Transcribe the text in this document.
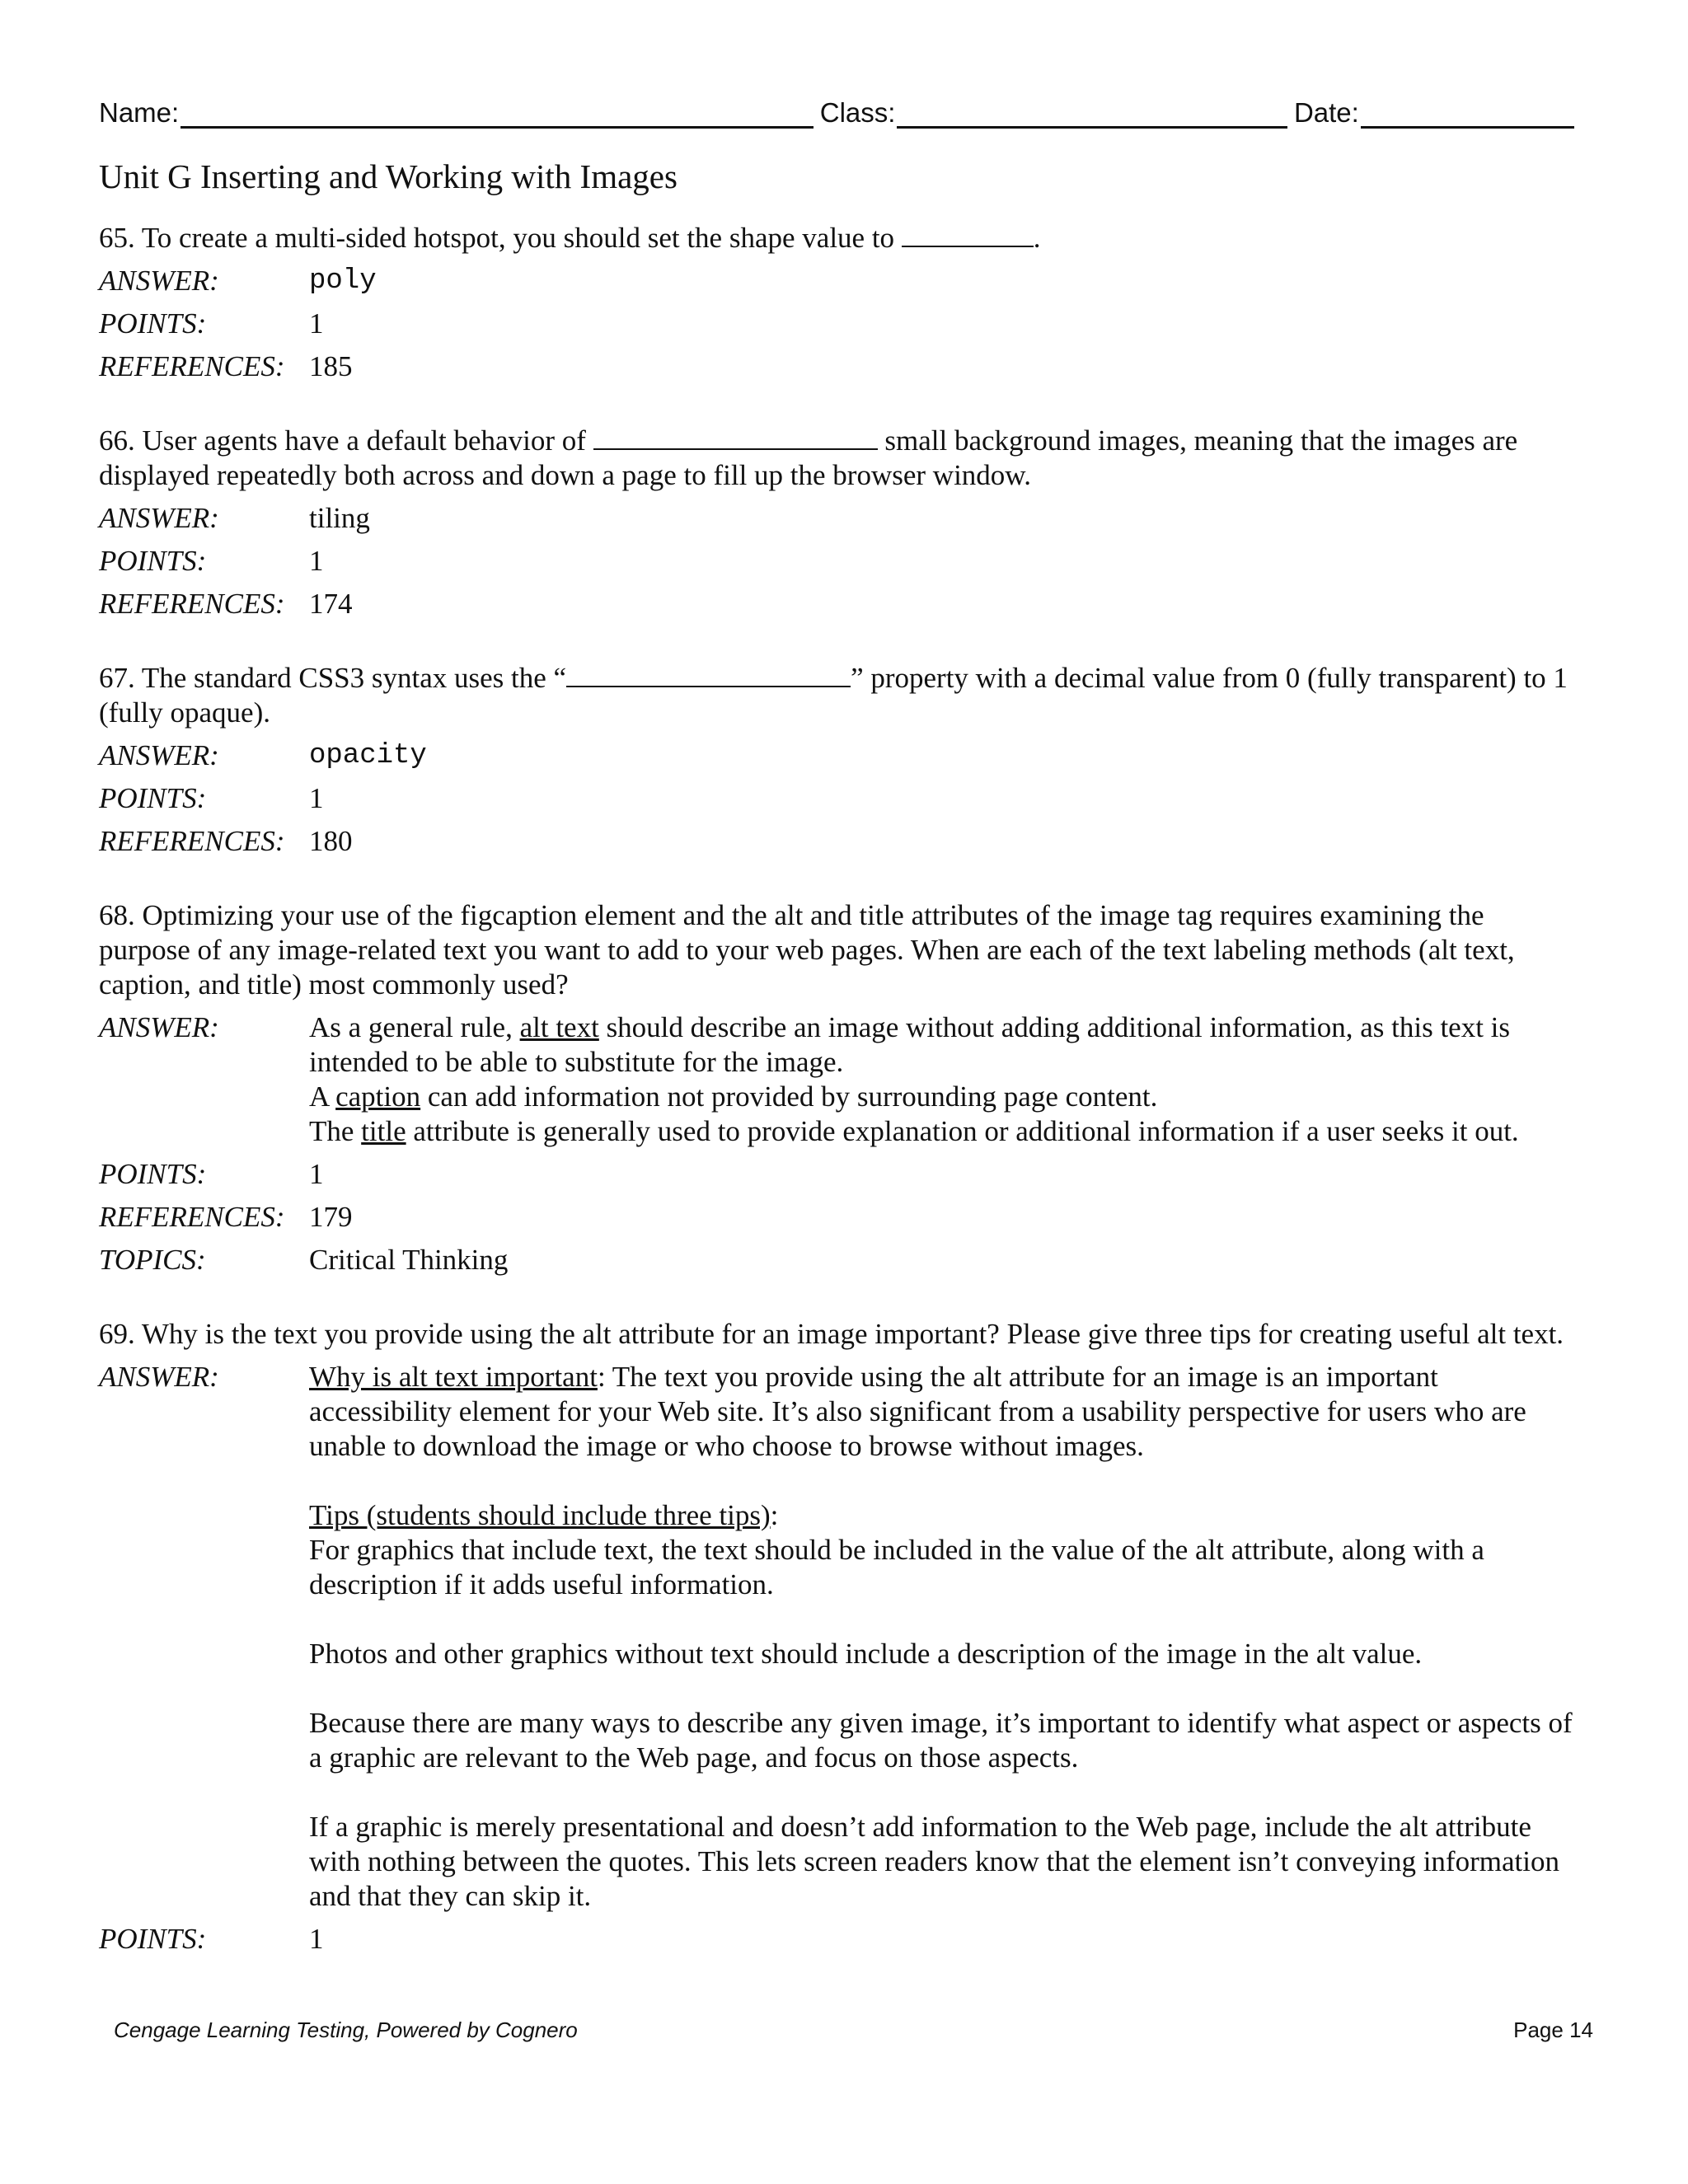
Name:	Class:	Date:
Unit G Inserting and Working with Images

65. To create a multi-sided hotspot, you should set the shape value to	.

ANSWER:	poly
POINTS:	1
REFERENCES: 185

66. User agents have a default behavior of	small background images, meaning that the images are displayed repeatedly both across and down a page to fill up the browser window.

ANSWER:	tiling
POINTS:	1
REFERENCES: 174

67. The standard CSS3 syntax uses the “	” property with a decimal value from 0 (fully transparent) to 1 (fully opaque).

ANSWER:	opacity
POINTS:	1
REFERENCES: 180

68. Optimizing your use of the figcaption element and the alt and title attributes of the image tag requires examining the purpose of any image-related text you want to add to your web pages. When are each of the text labeling methods (alt text, caption, and title) most commonly used?

ANSWER:	As a general rule, alt text should describe an image without adding additional information, as this text is intended to be able to substitute for the image.

A caption can add information not provided by surrounding page content.

The title attribute is generally used to provide explanation or additional information if a user seeks it out.

POINTS:	1
REFERENCES: 179
TOPICS:	Critical Thinking

69. Why is the text you provide using the alt attribute for an image important? Please give three tips for creating useful alt text.

ANSWER:	Why is alt text important: The text you provide using the alt attribute for an image is an important accessibility element for your Web site. It’s also significant from a usability perspective for users who are unable to download the image or who choose to browse without images.

Tips (students should include three tips):

For graphics that include text, the text should be included in the value of the alt attribute, along with a description if it adds useful information.

Photos and other graphics without text should include a description of the image in the alt value.

Because there are many ways to describe any given image, it’s important to identify what aspect or aspects of a graphic are relevant to the Web page, and focus on those aspects.

If a graphic is merely presentational and doesn’t add information to the Web page, include the alt attribute with nothing between the quotes. This lets screen readers know that the element isn’t conveying information and that they can skip it.

POINTS:	1
Cengage Learning Testing, Powered by Cognero	Page 14
